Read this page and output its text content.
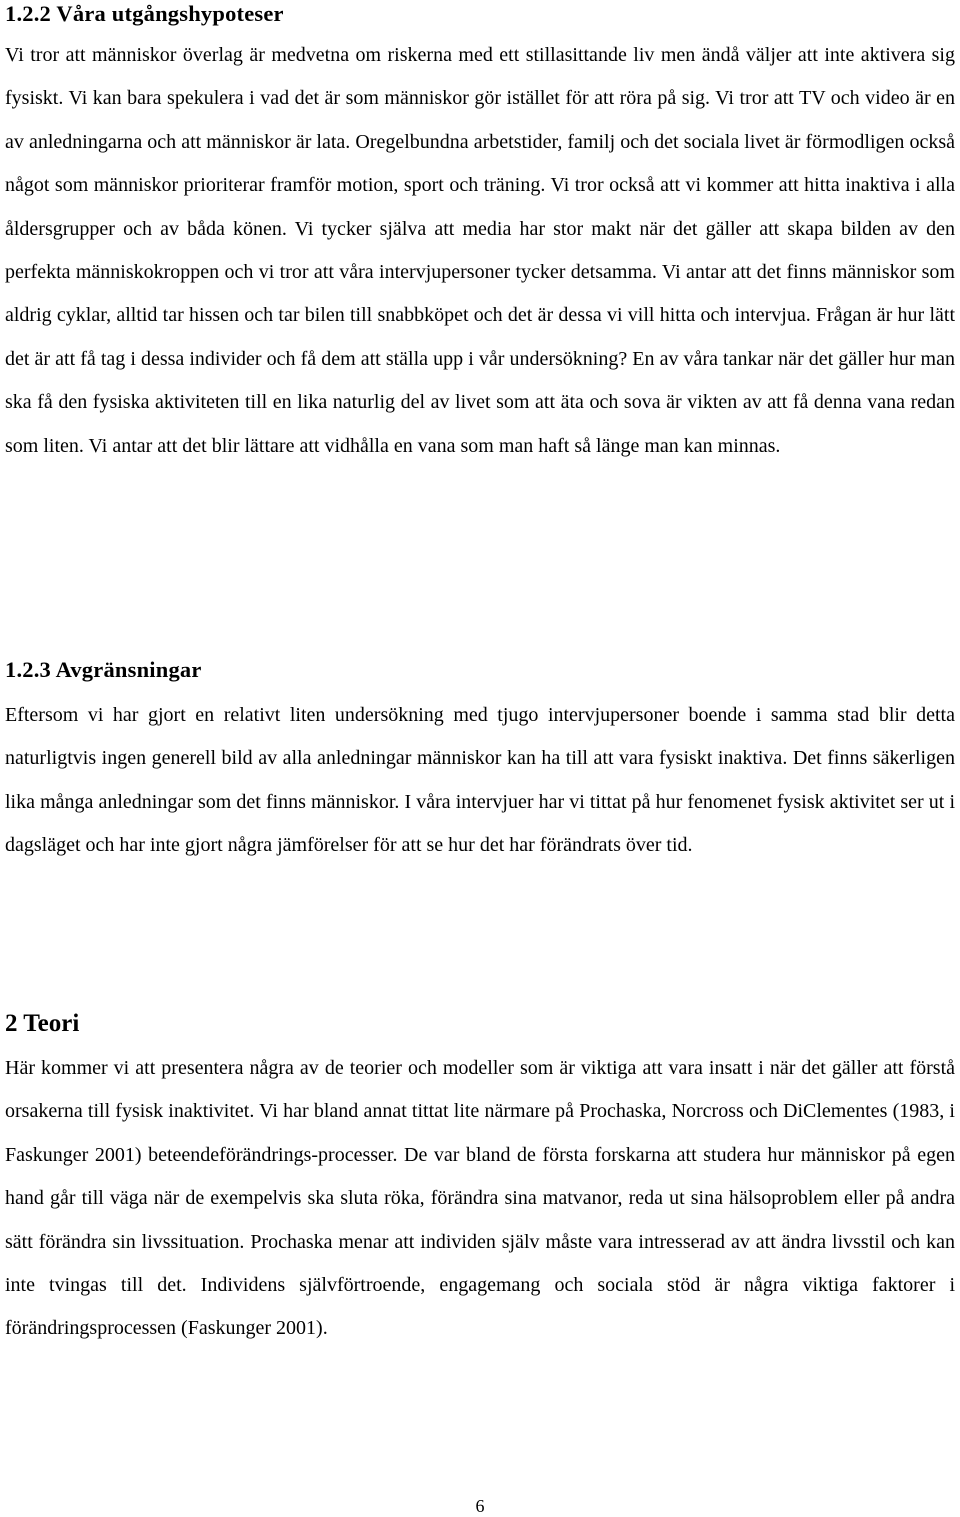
1.2.2 Våra utgångshypoteser

Vi tror att människor överlag är medvetna om riskerna med ett stillasittande liv men ändå väljer att inte aktivera sig fysiskt. Vi kan bara spekulera i vad det är som människor gör istället för att röra på sig. Vi tror att TV och video är en av anledningarna och att människor är lata. Oregelbundna arbetstider, familj och det sociala livet är förmodligen också något som människor prioriterar framför motion, sport och träning. Vi tror också att vi kommer att hitta inaktiva i alla åldersgrupper och av båda könen. Vi tycker själva att media har stor makt när det gäller att skapa bilden av den perfekta människokroppen och vi tror att våra intervjupersoner tycker detsamma. Vi antar att det finns människor som aldrig cyklar, alltid tar hissen och tar bilen till snabbköpet och det är dessa vi vill hitta och intervjua. Frågan är hur lätt det är att få tag i dessa individer och få dem att ställa upp i vår undersökning? En av våra tankar när det gäller hur man ska få den fysiska aktiviteten till en lika naturlig del av livet som att äta och sova är vikten av att få denna vana redan som liten. Vi antar att det blir lättare att vidhålla en vana som man haft så länge man kan minnas.

1.2.3 Avgränsningar

Eftersom vi har gjort en relativt liten undersökning med tjugo intervjupersoner boende i samma stad blir detta naturligtvis ingen generell bild av alla anledningar människor kan ha till att vara fysiskt inaktiva. Det finns säkerligen lika många anledningar som det finns människor. I våra intervjuer har vi tittat på hur fenomenet fysisk aktivitet ser ut i dagsläget och har inte gjort några jämförelser för att se hur det har förändrats över tid.

2 Teori

Här kommer vi att presentera några av de teorier och modeller som är viktiga att vara insatt i när det gäller att förstå orsakerna till fysisk inaktivitet. Vi har bland annat tittat lite närmare på Prochaska, Norcross och DiClementes (1983, i Faskunger 2001) beteendeförändrings-processer. De var bland de första forskarna att studera hur människor på egen hand går till väga när de exempelvis ska sluta röka, förändra sina matvanor, reda ut sina hälsoproblem eller på andra sätt förändra sin livssituation. Prochaska menar att individen själv måste vara intresserad av att ändra livsstil och kan inte tvingas till det. Individens självförtroende, engagemang och sociala stöd är några viktiga faktorer i förändringsprocessen (Faskunger 2001).

6
